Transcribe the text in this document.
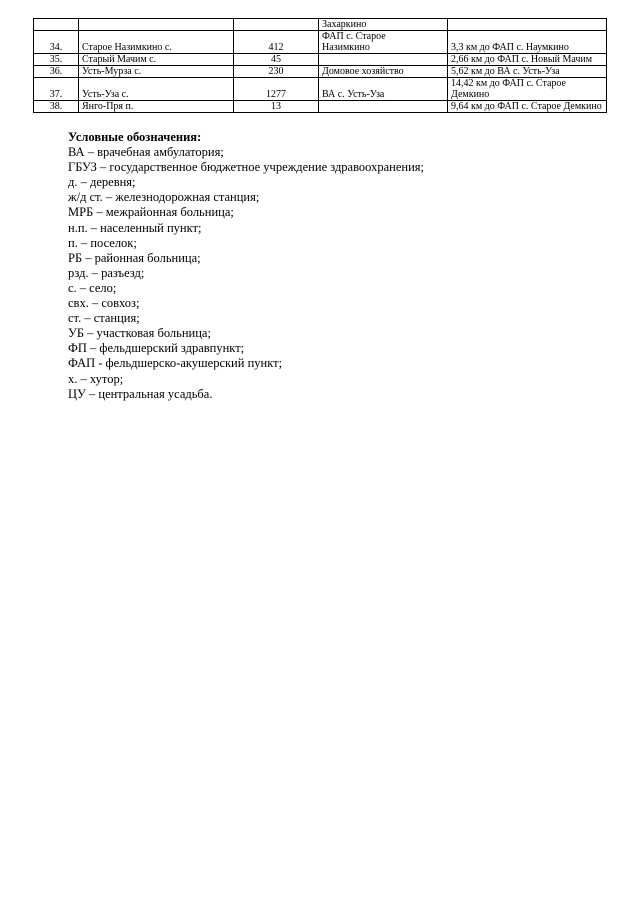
			Захаркино	
34.	Старое Назимкино с.	412	ФАП с. Старое
Назимкино	3,3 км до ФАП с. Наумкино
35.	Старый Мачим с.	45		2,66 км до ФАП с. Новый Мачим
36.	Усть-Мурза с.	230	Домовое хозяйство	5,62 км до ВА с. Усть-Уза
37.	Усть-Уза с.	1277	ВА с. Усть-Уза	14,42 км до ФАП с. Старое Демкино
38.	Янго-Пря п.	13		9,64 км до ФАП с. Старое Демкино
Условные обозначения:
ВА – врачебная амбулатория;
ГБУЗ – государственное бюджетное учреждение здравоохранения;
д. – деревня;
ж/д ст. – железнодорожная станция;
МРБ – межрайонная больница;
н.п. – населенный пункт;
п. – поселок;
РБ – районная больница;
рзд. – разъезд;
с. – село;
свх. – совхоз;
ст. – станция;
УБ – участковая больница;
ФП – фельдшерский здравпункт;
ФАП - фельдшерско-акушерский пункт;
х. – хутор;
ЦУ – центральная усадьба.
